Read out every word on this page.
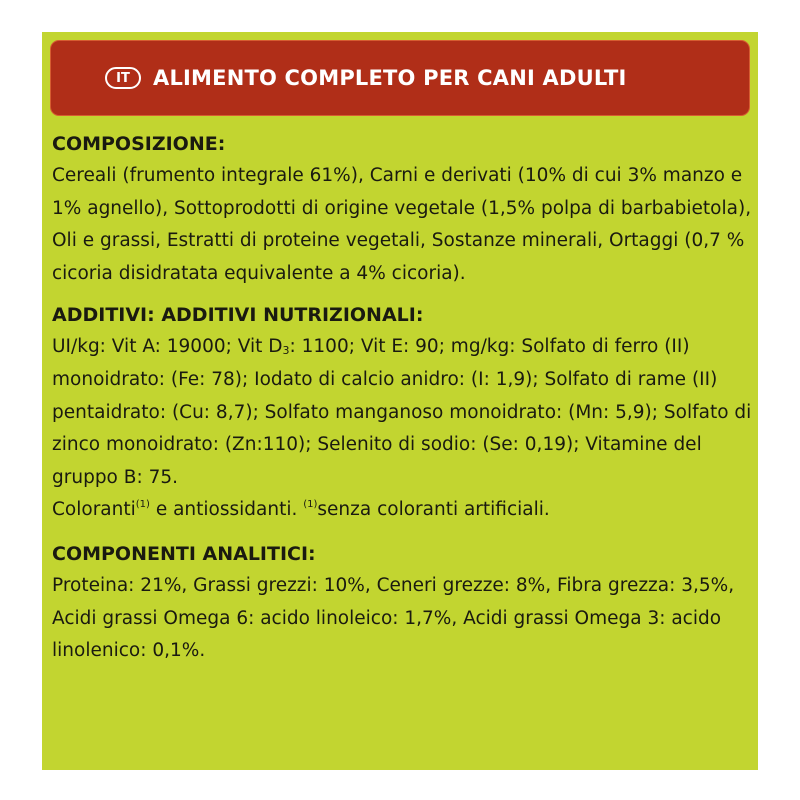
IT	ALIMENTO COMPLETO PER CANI ADULTI
COMPOSIZIONE:
Cereali (frumento integrale 61%), Carni e derivati (10% di cui 3% manzo e 1% agnello), Sottoprodotti di origine vegetale (1,5% polpa di barbabietola), Oli e grassi, Estratti di proteine vegetali, Sostanze minerali, Ortaggi (0,7 % cicoria disidratata equivalente a 4% cicoria).
ADDITIVI: ADDITIVI NUTRIZIONALI:
UI/kg: Vit A: 19000; Vit $D_3$: 1100; Vit E: 90; mg/kg: Solfato di ferro (II) monoidrato: (Fe: 78); Iodato di calcio anidro: (I: 1,9); Solfato di rame (II) pentaidrato: (Cu: 8,7); Solfato manganoso monoidrato: (Mn: 5,9); Solfato di zinco monoidrato: (Zn:110); Selenito di sodio: (Se: 0,19); Vitamine del gruppo B: 75.
Coloranti$^{(1)}$ e antiossidanti. $^{(1)}$senza coloranti artificiali.
COMPONENTI ANALITICI:
Proteina: 21%, Grassi grezzi: 10%, Ceneri grezze: 8%, Fibra grezza: 3,5%, Acidi grassi Omega 6: acido linoleico: 1,7%, Acidi grassi Omega 3: acido linolenico: 0,1%.
